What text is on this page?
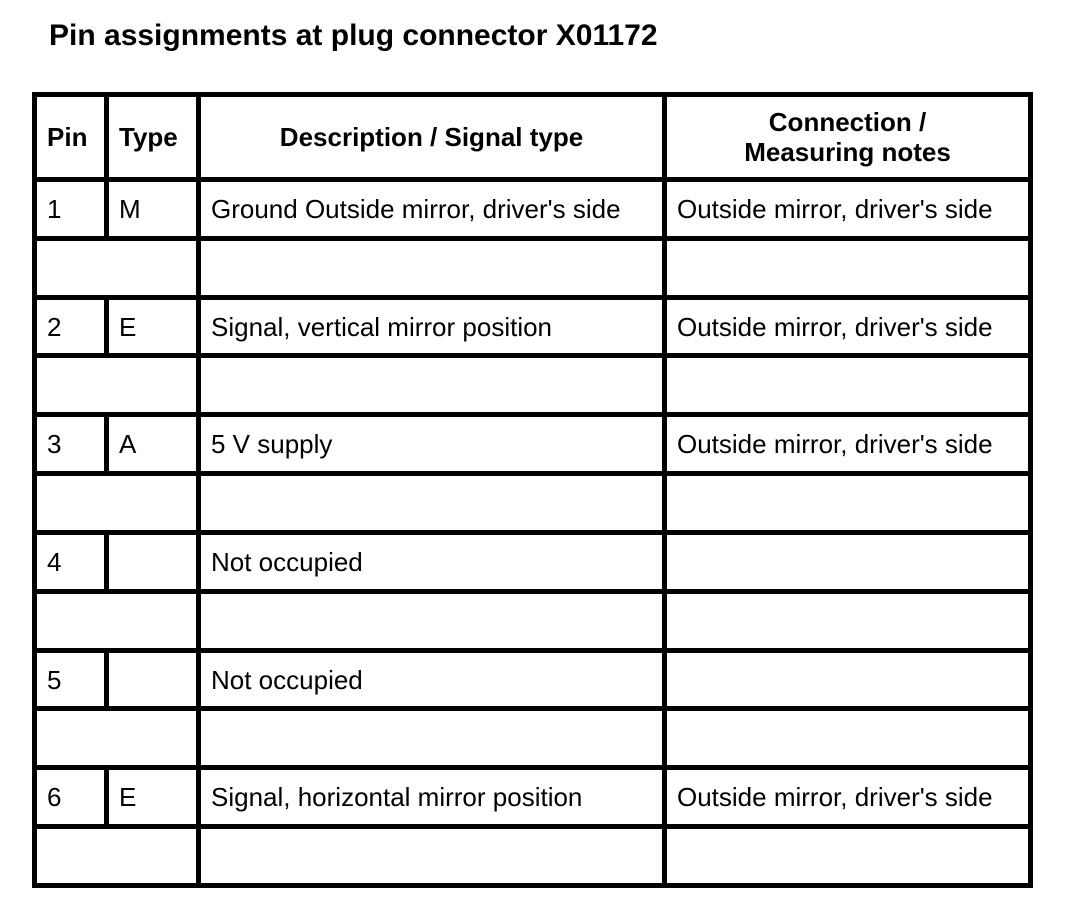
Pin assignments at plug connector X01172
Pin	Type	Description / Signal type	Connection /
Measuring notes
1	M	Ground Outside mirror, driver's side	Outside mirror, driver's side

2	E	Signal, vertical mirror position	Outside mirror, driver's side

3	A	5 V supply	Outside mirror, driver's side

4		Not occupied	

5		Not occupied	

6	E	Signal, horizontal mirror position	Outside mirror, driver's side
